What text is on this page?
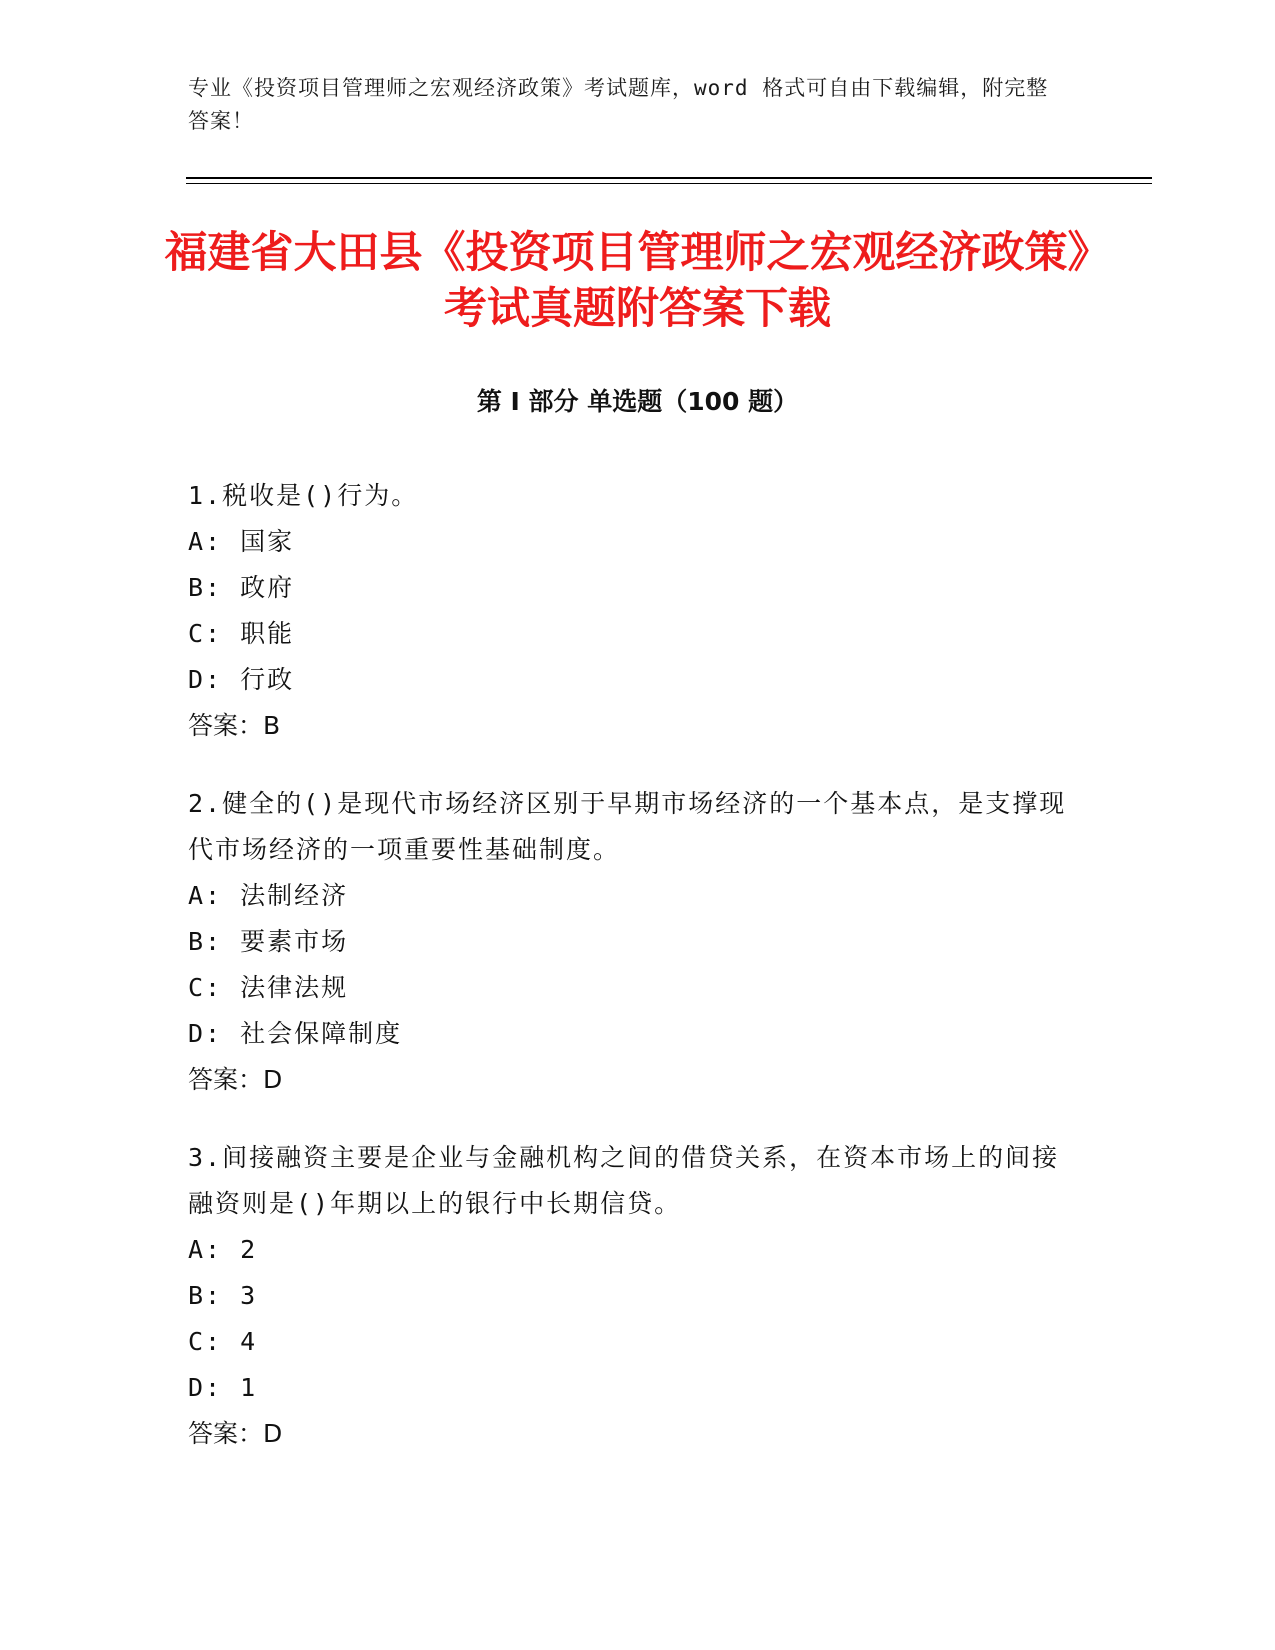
专业《投资项目管理师之宏观经济政策》考试题库，word 格式可自由下载编辑，附完整答案！
福建省大田县《投资项目管理师之宏观经济政策》考试真题附答案下载
第 I 部分 单选题（100 题）

1.税收是()行为。

A: 国家
B: 政府
C: 职能
D: 行政
答案：B

2.健全的()是现代市场经济区别于早期市场经济的一个基本点，是支撑现代市场经济的一项重要性基础制度。

A: 法制经济
B: 要素市场
C: 法律法规
D: 社会保障制度
答案：D

3.间接融资主要是企业与金融机构之间的借贷关系，在资本市场上的间接融资则是()年期以上的银行中长期信贷。

A: 2
B: 3
C: 4
D: 1
答案：D
